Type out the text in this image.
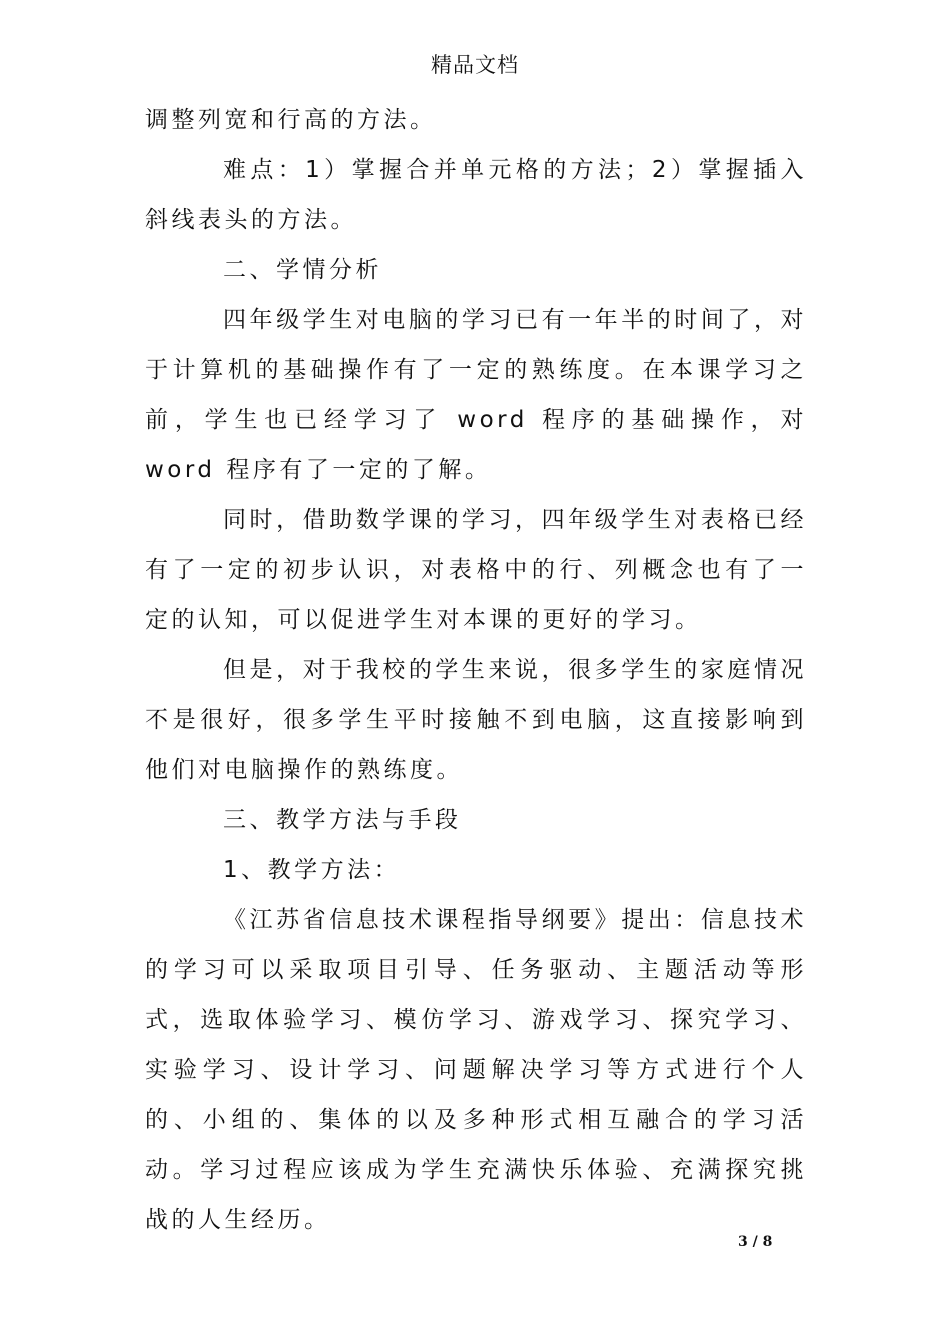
精品文档

调整列宽和行高的方法。

难点：1）掌握合并单元格的方法；2）掌握插入斜线表头的方法。

二、学情分析

四年级学生对电脑的学习已有一年半的时间了，对于计算机的基础操作有了一定的熟练度。在本课学习之前，学生也已经学习了 word 程序的基础操作，对 word 程序有了一定的了解。

同时，借助数学课的学习，四年级学生对表格已经有了一定的初步认识，对表格中的行、列概念也有了一定的认知，可以促进学生对本课的更好的学习。

但是，对于我校的学生来说，很多学生的家庭情况不是很好，很多学生平时接触不到电脑，这直接影响到他们对电脑操作的熟练度。

三、教学方法与手段

1、教学方法：

《江苏省信息技术课程指导纲要》提出：信息技术的学习可以采取项目引导、任务驱动、主题活动等形式，选取体验学习、模仿学习、游戏学习、探究学习、实验学习、设计学习、问题解决学习等方式进行个人的、小组的、集体的以及多种形式相互融合的学习活动。学习过程应该成为学生充满快乐体验、充满探究挑战的人生经历。

3 / 8
